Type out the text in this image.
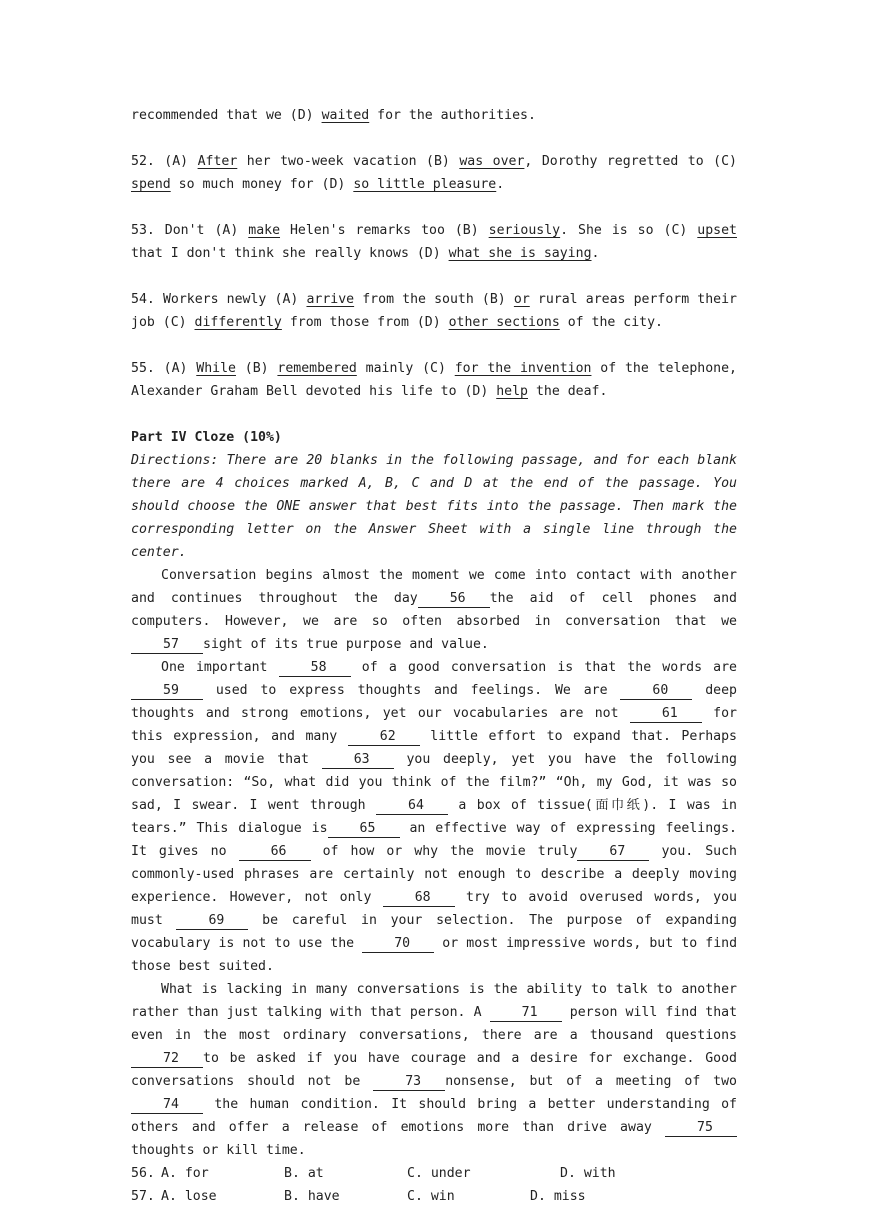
recommended that we (D) waited for the authorities.

52. (A) After her two-week vacation (B) was over, Dorothy regretted to (C) spend so much money for (D) so little pleasure.

53. Don't (A) make Helen's remarks too (B) seriously. She is so (C) upset that I don't think she really knows (D) what she is saying.

54. Workers newly (A) arrive from the south (B) or rural areas perform their job (C) differently from those from (D) other sections of the city.

55. (A) While (B) remembered mainly (C) for the invention of the telephone, Alexander Graham Bell devoted his life to (D) help the deaf.

Part IV Cloze (10%)

Directions: There are 20 blanks in the following passage, and for each blank there are 4 choices marked A, B, C and D at the end of the passage. You should choose the ONE answer that best fits into the passage. Then mark the corresponding letter on the Answer Sheet with a single line through the center.

Conversation begins almost the moment we come into contact with another and continues throughout the day 56 the aid of cell phones and computers. However, we are so often absorbed in conversation that we57 sight of its true purpose and value.

One important 58 of a good conversation is that the words are 59 used to express thoughts and feelings. We are 60 deep thoughts and strong emotions, yet our vocabularies are not 61 for this expression, and many 62 little effort to expand that. Perhaps you see a movie that 63 you deeply, yet you have the following conversation: “So, what did you think of the film?” “Oh, my God, it was so sad, I swear. I went through 64 a box of tissue(面巾纸). I was in tears.” This dialogue is 65 an effective way of expressing feelings. It gives no 66 of how or why the movie truly 67 you. Such commonly-used phrases are certainly not enough to describe a deeply moving experience. However, not only 68 try to avoid overused words, you must 69 be careful in your selection. The purpose of expanding vocabulary is not to use the 70 or most impressive words, but to find those best suited.

What is lacking in many conversations is the ability to talk to another rather than just talking with that person. A 71 person will find that even in the most ordinary conversations, there are a thousand questions 72 to be asked if you have courage and a desire for exchange. Good conversations should not be 73 nonsense, but of a meeting of two74 the human condition. It should bring a better understanding of others and offer a release of emotions more than drive away 75 thoughts or kill time.

56. A. for	B. at	C. under	D. with
57. A. lose	B. have	C. win	D. miss
